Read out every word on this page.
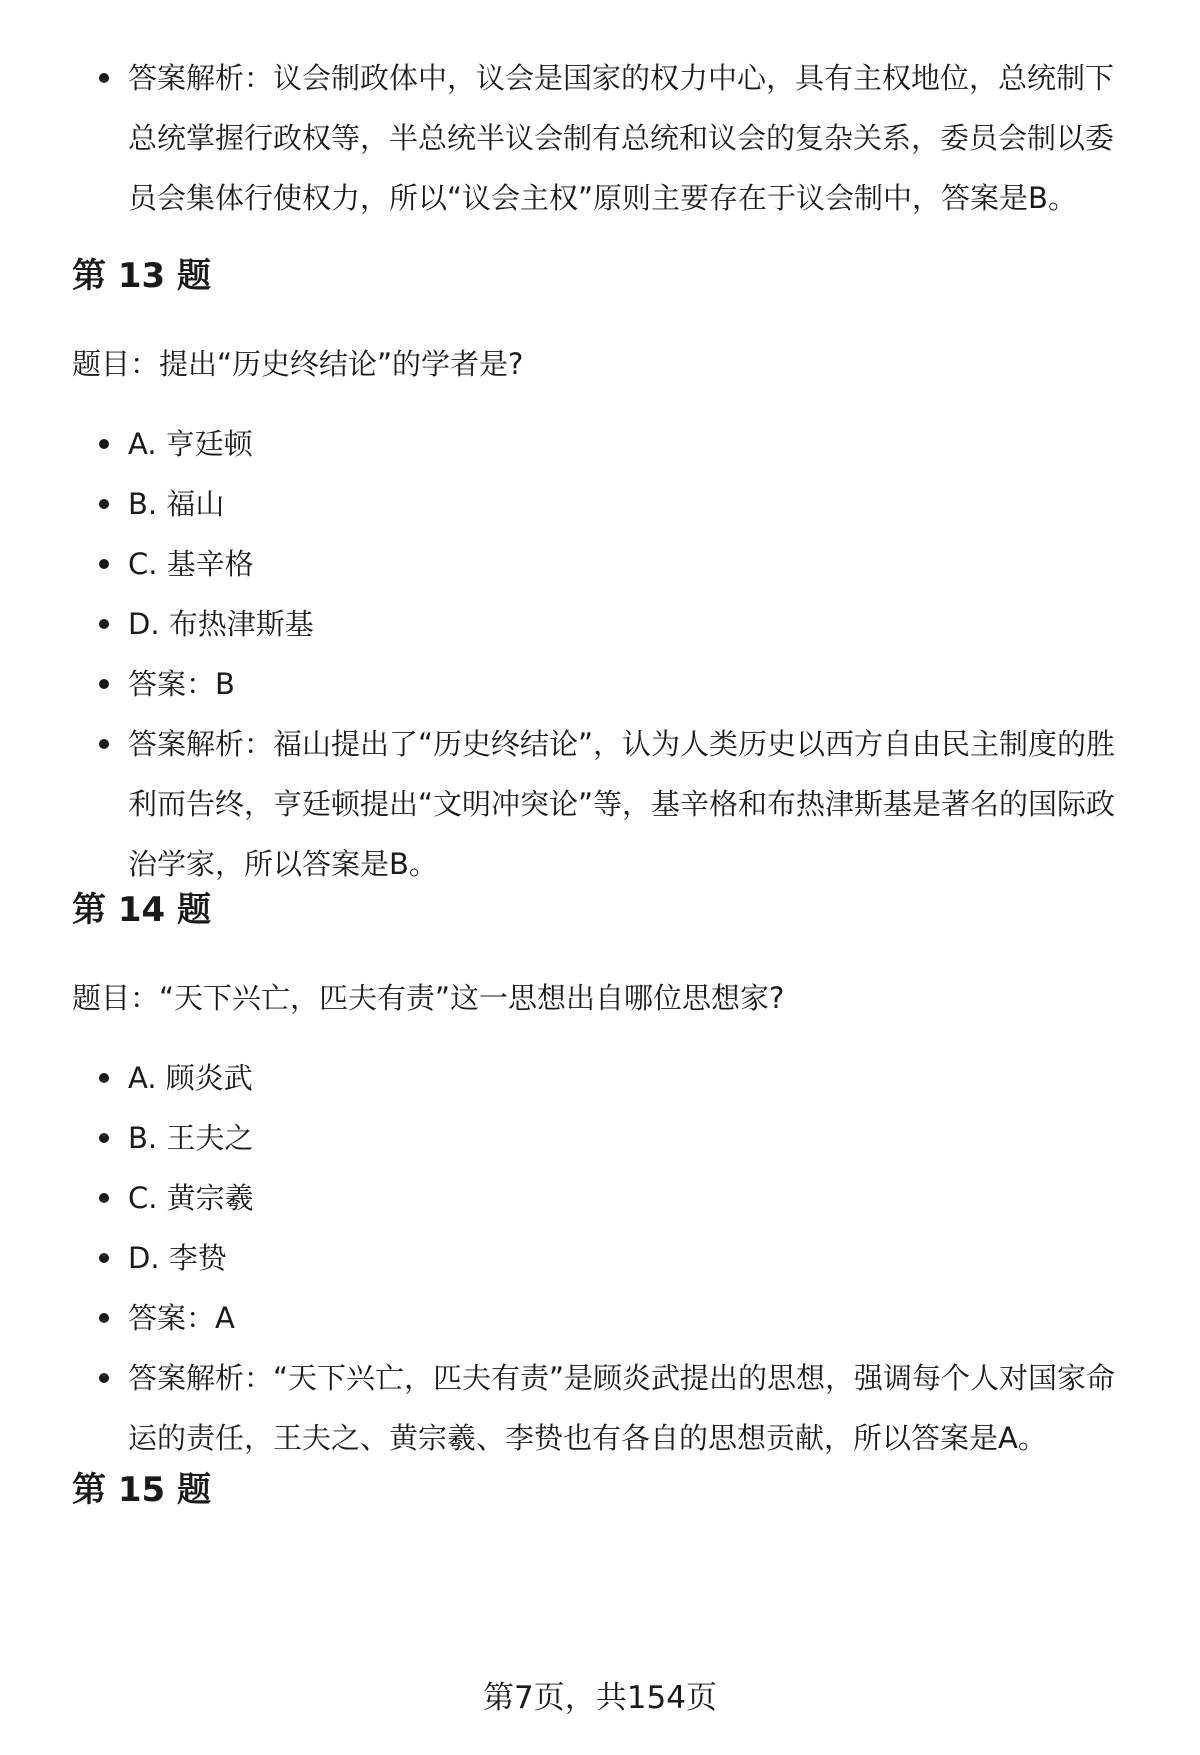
答案解析：议会制政体中，议会是国家的权力中心，具有主权地位，总统制下总统掌握行政权等，半总统半议会制有总统和议会的复杂关系，委员会制以委员会集体行使权力，所以“议会主权”原则主要存在于议会制中，答案是B。
第 13 题

题目：提出“历史终结论”的学者是?

A. 亨廷顿
B. 福山
C. 基辛格
D. 布热津斯基
答案：B
答案解析：福山提出了“历史终结论”，认为人类历史以西方自由民主制度的胜利而告终，亨廷顿提出“文明冲突论”等，基辛格和布热津斯基是著名的国际政治学家，所以答案是B。
第 14 题

题目：“天下兴亡，匹夫有责”这一思想出自哪位思想家?

A. 顾炎武
B. 王夫之
C. 黄宗羲
D. 李贽
答案：A
答案解析：“天下兴亡，匹夫有责”是顾炎武提出的思想，强调每个人对国家命运的责任，王夫之、黄宗羲、李贽也有各自的思想贡献，所以答案是A。
第 15 题
第7页，共154页
